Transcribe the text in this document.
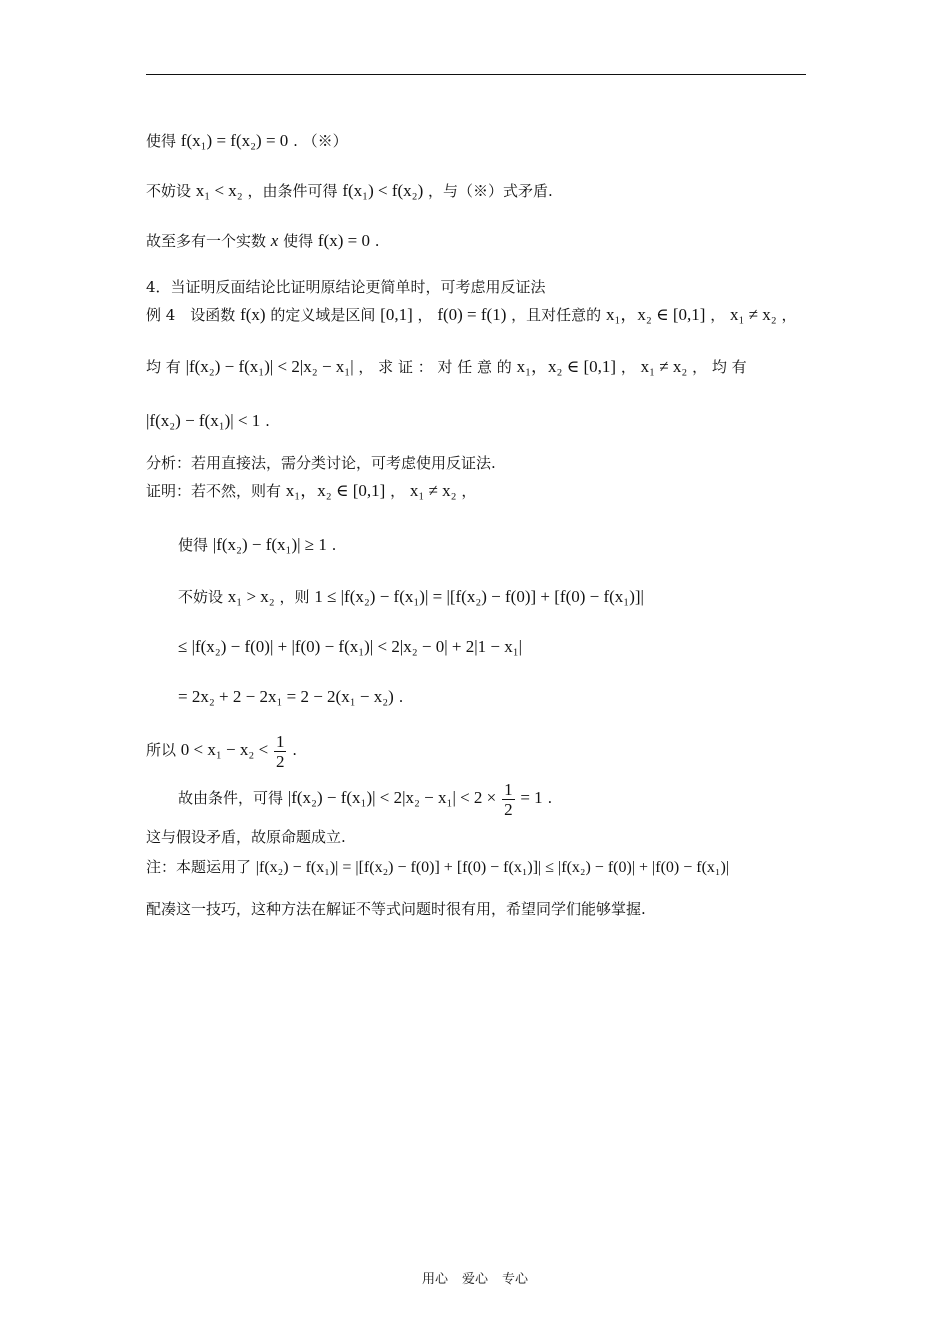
使得 f(x₁) = f(x₂) = 0 . （※）
不妨设 x₁ < x₂ ，由条件可得 f(x₁) < f(x₂) ，与（※）式矛盾.
故至多有一个实数 x 使得 f(x) = 0 .
4．当证明反面结论比证明原结论更简单时，可考虑用反证法
例 4　设函数 f(x) 的定义域是区间 [0,1] ， f(0) = f(1) ，且对任意的 x₁，x₂ ∈ [0,1] ， x₁ ≠ x₂ ，
均 有 |f(x₂) − f(x₁)| < 2|x₂ − x₁| ， 求 证 ： 对 任 意 的 x₁，x₂ ∈ [0,1] ， x₁ ≠ x₂ ， 均 有
|f(x₂) − f(x₁)| < 1 .
分析：若用直接法，需分类讨论，可考虑使用反证法.
证明：若不然，则有 x₁，x₂ ∈ [0,1] ， x₁ ≠ x₂ ，
使得 |f(x₂) − f(x₁)| ≥ 1 .
不妨设 x₁ > x₂ ，则 1 ≤ |f(x₂) − f(x₁)| = |[f(x₂) − f(0)] + [f(0) − f(x₁)]|
≤ |f(x₂) − f(0)| + |f(0) − f(x₁)| < 2|x₂ − 0| + 2|1 − x₁|
= 2x₂ + 2 − 2x₁ = 2 − 2(x₁ − x₂) .
所以 $0 < x_1 - x_2 < \frac{1}{2}$ .
故由条件，可得 $|f(x_2) - f(x_1)| < 2|x_2 - x_1| < 2 \times \frac{1}{2} = 1$ .
这与假设矛盾，故原命题成立.
注：本题运用了 |f(x₂) − f(x₁)| = |[f(x₂) − f(0)] + [f(0) − f(x₁)]| ≤ |f(x₂) − f(0)| + |f(0) − f(x₁)|
配凑这一技巧，这种方法在解证不等式问题时很有用，希望同学们能够掌握.
用心 爱心 专心
